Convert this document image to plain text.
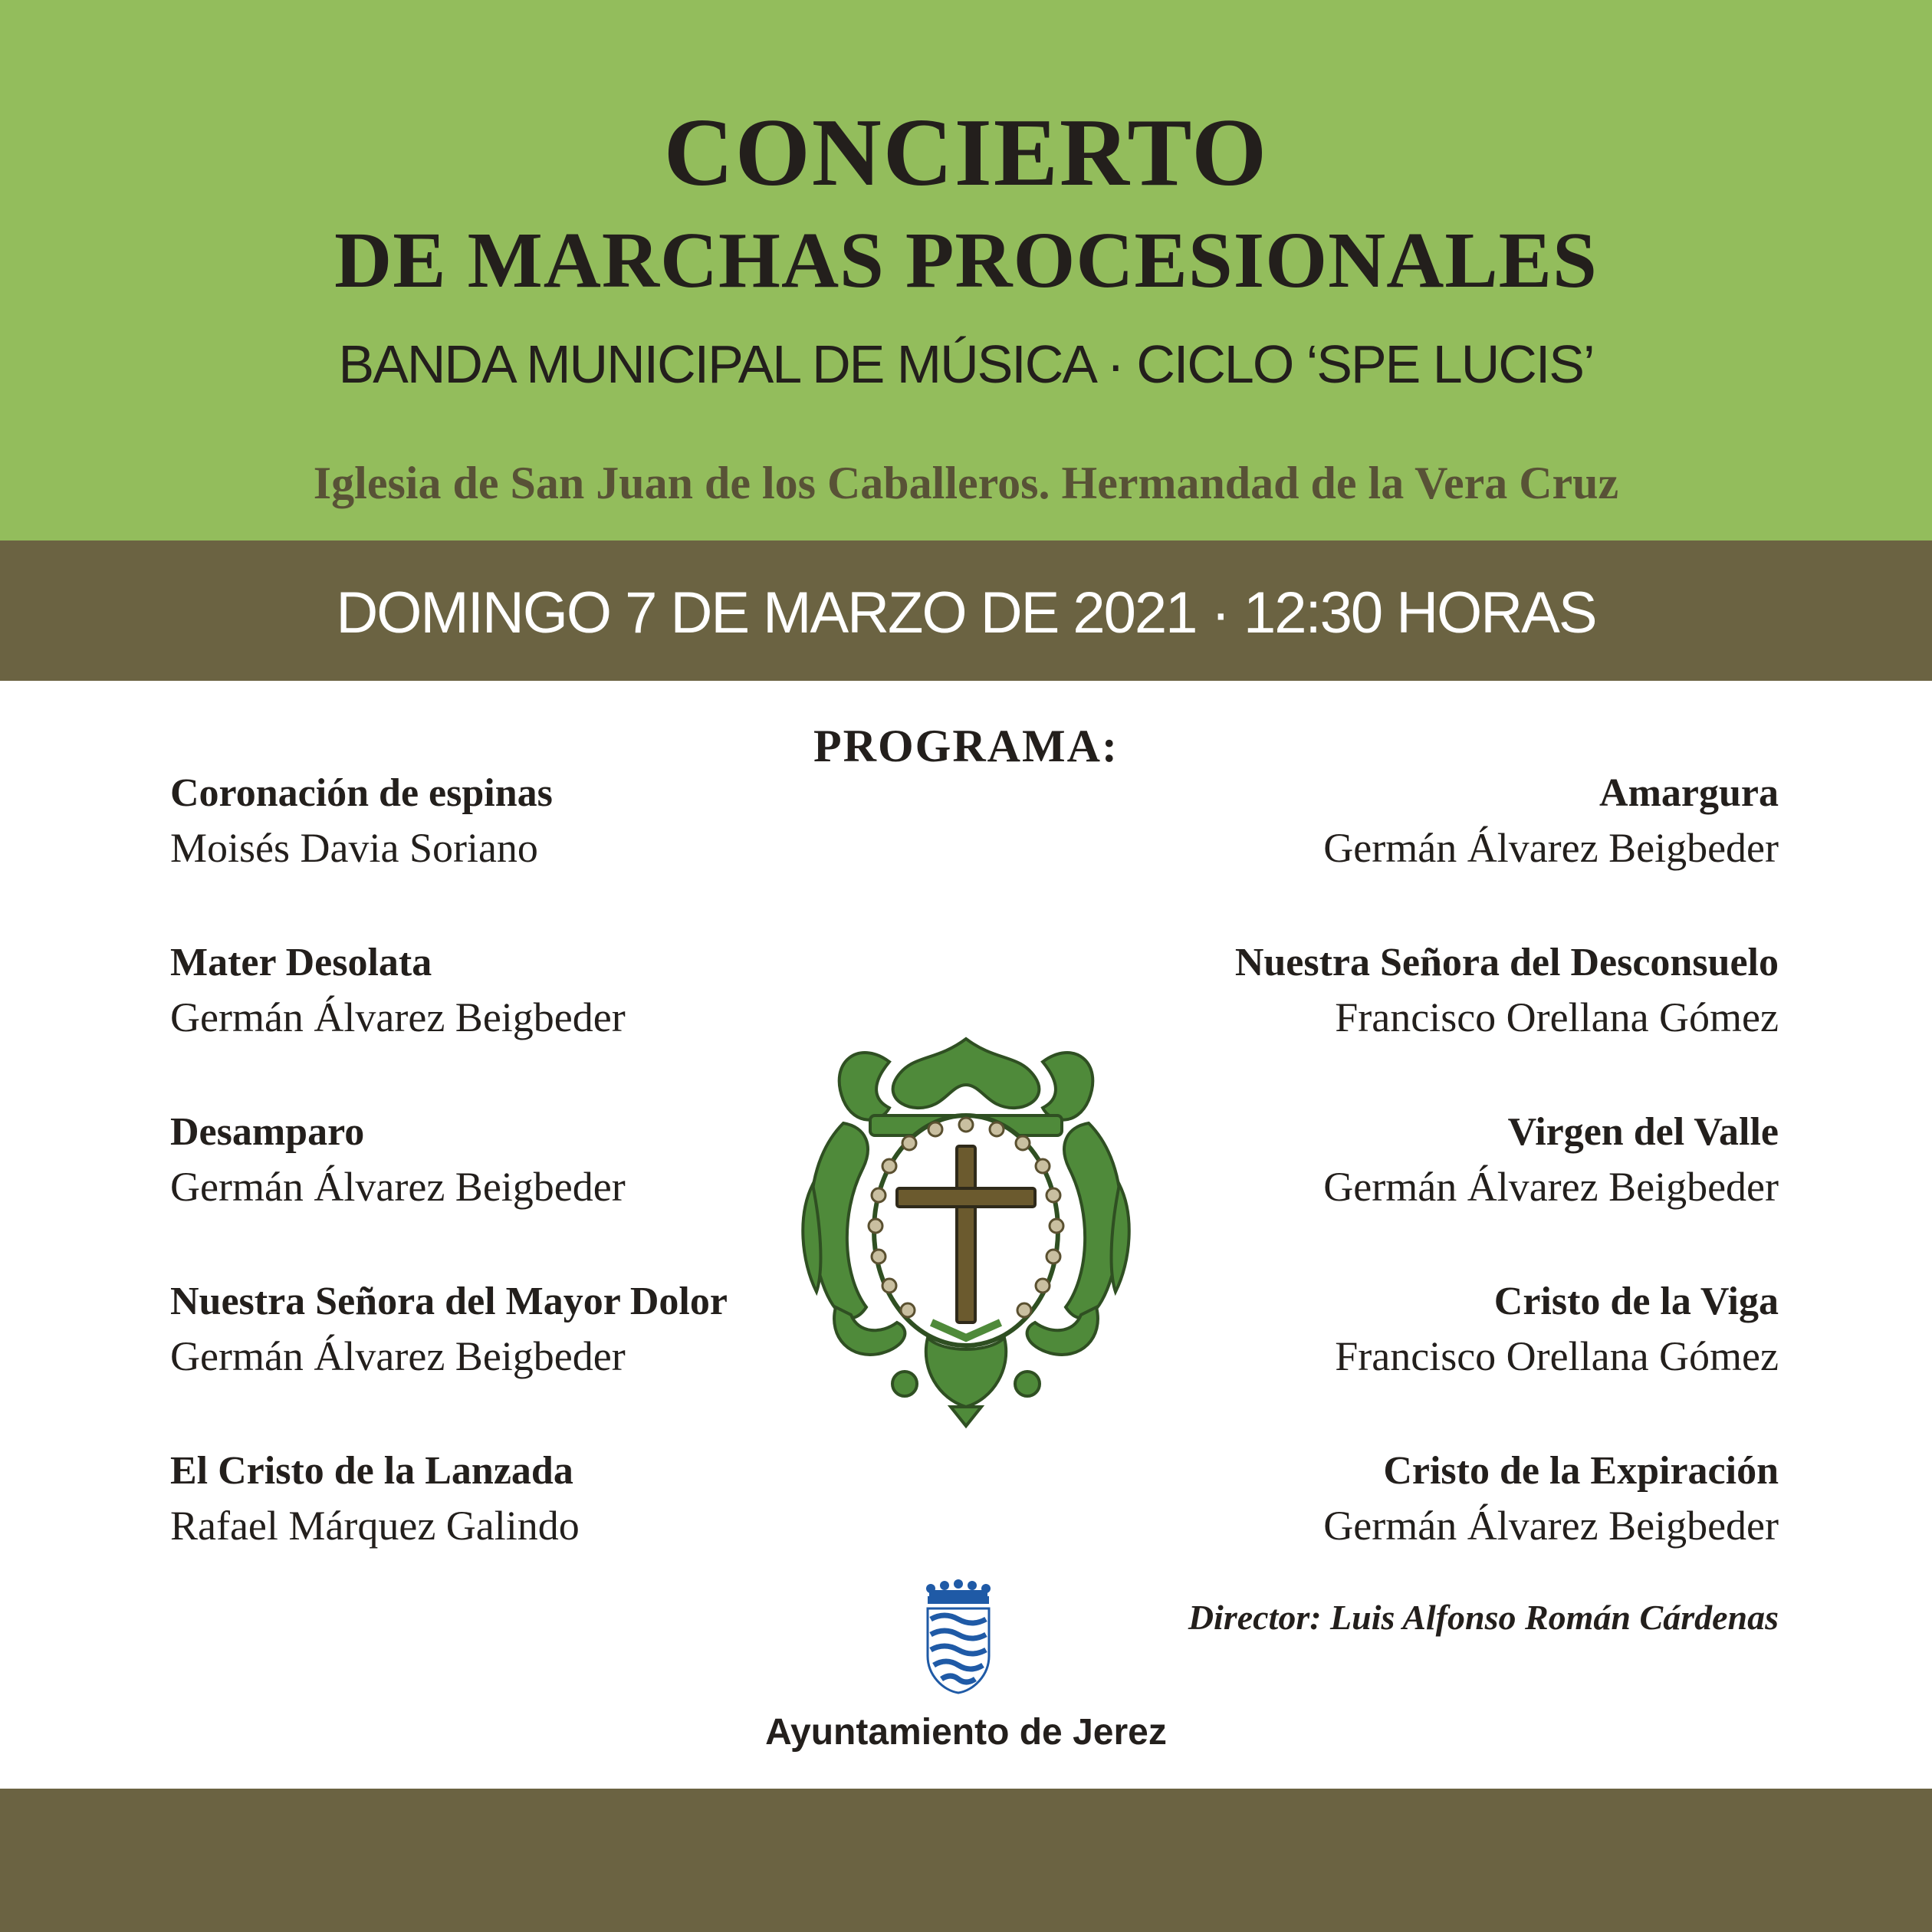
CONCIERTO
DE MARCHAS PROCESIONALES
BANDA MUNICIPAL DE MÚSICA · CICLO ‘SPE LUCIS’
Iglesia de San Juan de los Caballeros. Hermandad de la Vera Cruz
DOMINGO 7 DE MARZO DE 2021 · 12:30 HORAS
PROGRAMA:
Coronación de espinas
Moisés Davia Soriano
Mater Desolata
Germán Álvarez Beigbeder
Desamparo
Germán Álvarez Beigbeder
Nuestra Señora del Mayor Dolor
Germán Álvarez Beigbeder
El Cristo de la Lanzada
Rafael Márquez Galindo
Amargura
Germán Álvarez Beigbeder
Nuestra Señora del Desconsuelo
Francisco Orellana Gómez
Virgen del Valle
Germán Álvarez Beigbeder
Cristo de la Viga
Francisco Orellana Gómez
Cristo de la Expiración
Germán Álvarez Beigbeder
Director: Luis Alfonso Román Cárdenas
Ayuntamiento de Jerez
